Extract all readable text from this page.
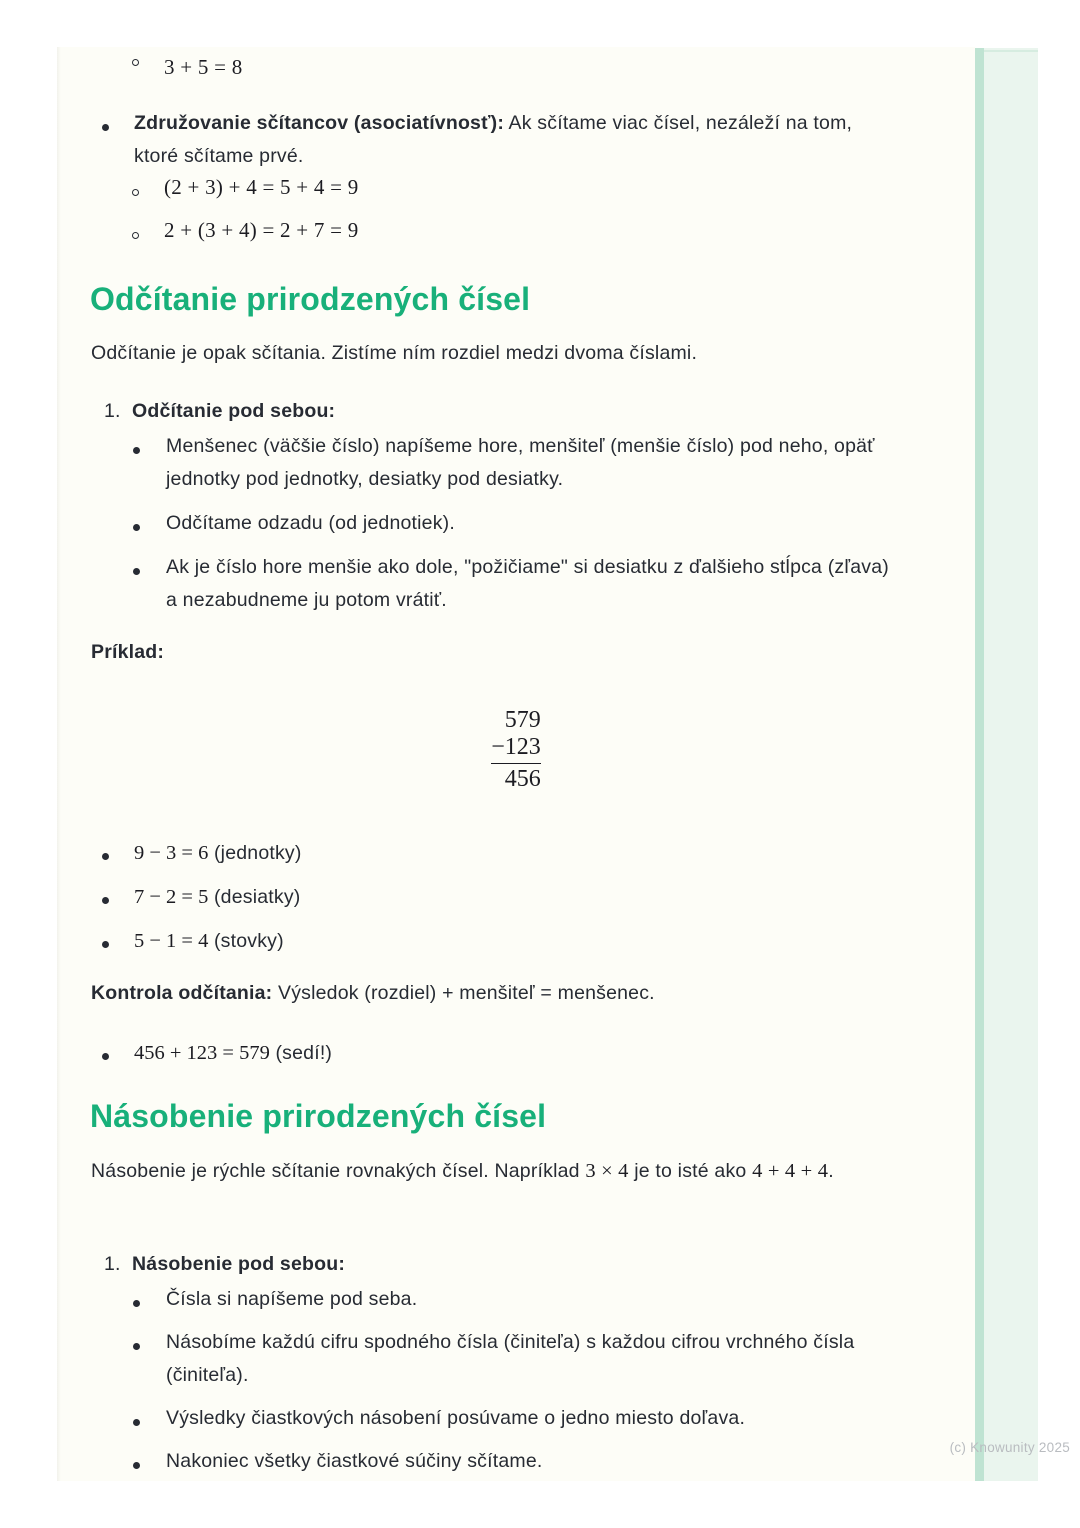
3 + 5 = 8
Združovanie sčítancov (asociatívnosť): Ak sčítame viac čísel, nezáleží na tom, ktoré sčítame prvé.
(2 + 3) + 4 = 5 + 4 = 9
2 + (3 + 4) = 2 + 7 = 9
Odčítanie prirodzených čísel

Odčítanie je opak sčítania. Zistíme ním rozdiel medzi dvoma číslami.

1. Odčítanie pod sebou:
Menšenec (väčšie číslo) napíšeme hore, menšiteľ (menšie číslo) pod neho, opäť jednotky pod jednotky, desiatky pod desiatky.
Odčítame odzadu (od jednotiek).
Ak je číslo hore menšie ako dole, "požičiame" si desiatku z ďalšieho stĺpca (zľava) a nezabudneme ju potom vrátiť.

Príklad:

579
−123
456
9 − 3 = 6 (jednotky)
7 − 2 = 5 (desiatky)
5 − 1 = 4 (stovky)

Kontrola odčítania: Výsledok (rozdiel) + menšiteľ = menšenec.

456 + 123 = 579 (sedí!)
Násobenie prirodzených čísel

Násobenie je rýchle sčítanie rovnakých čísel. Napríklad 3 × 4 je to isté ako 4 + 4 + 4.

1. Násobenie pod sebou:
Čísla si napíšeme pod seba.
Násobíme každú cifru spodného čísla (činiteľa) s každou cifrou vrchného čísla (činiteľa).
Výsledky čiastkových násobení posúvame o jedno miesto doľava.
Nakoniec všetky čiastkové súčiny sčítame.
(c) Knowunity 2025
